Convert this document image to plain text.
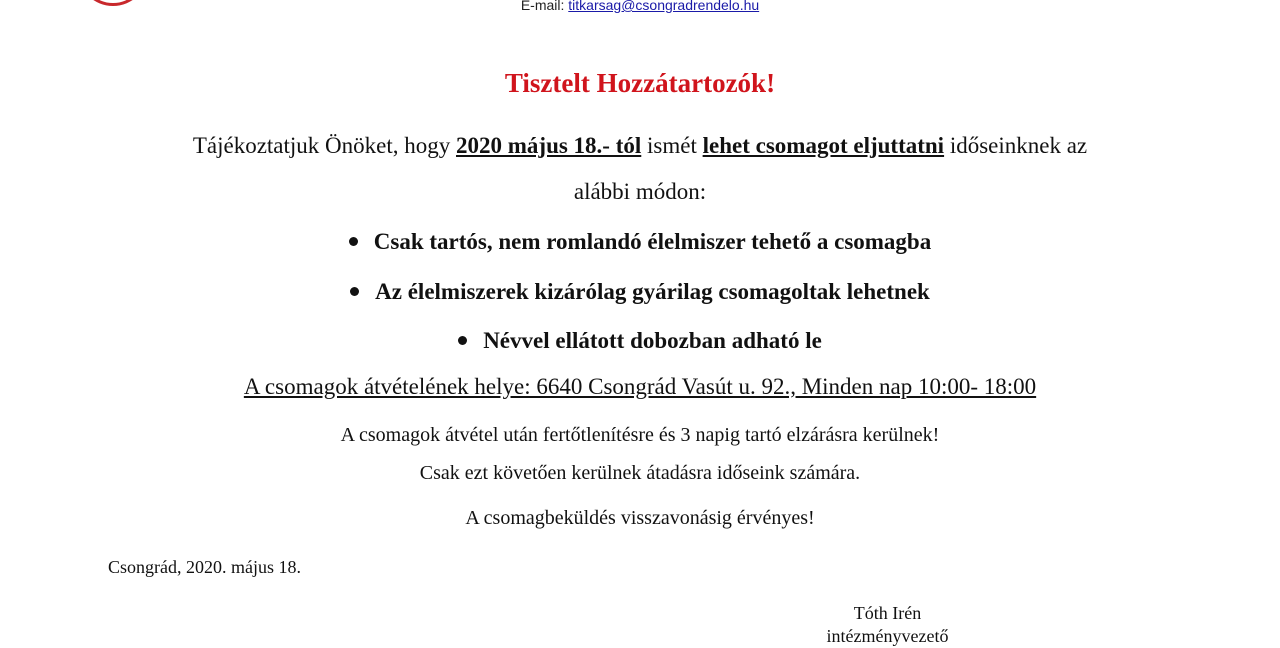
E-mail: titkarsag@csongradrendelo.hu
Tisztelt Hozzátartozók!
Tájékoztatjuk Önöket, hogy 2020 május 18.- tól ismét lehet csomagot eljuttatni időseinknek az
alábbi módon:
Csak tartós, nem romlandó élelmiszer tehető a csomagba
Az élelmiszerek kizárólag gyárilag csomagoltak lehetnek
Névvel ellátott dobozban adható le
A csomagok átvételének helye: 6640 Csongrád Vasút u. 92., Minden nap 10:00- 18:00
A csomagok átvétel után fertőtlenítésre és 3 napig tartó elzárásra kerülnek!
Csak ezt követően kerülnek átadásra időseink számára.
A csomagbeküldés visszavonásig érvényes!
Csongrád, 2020. május 18.
Tóth Irén
intézményvezető
